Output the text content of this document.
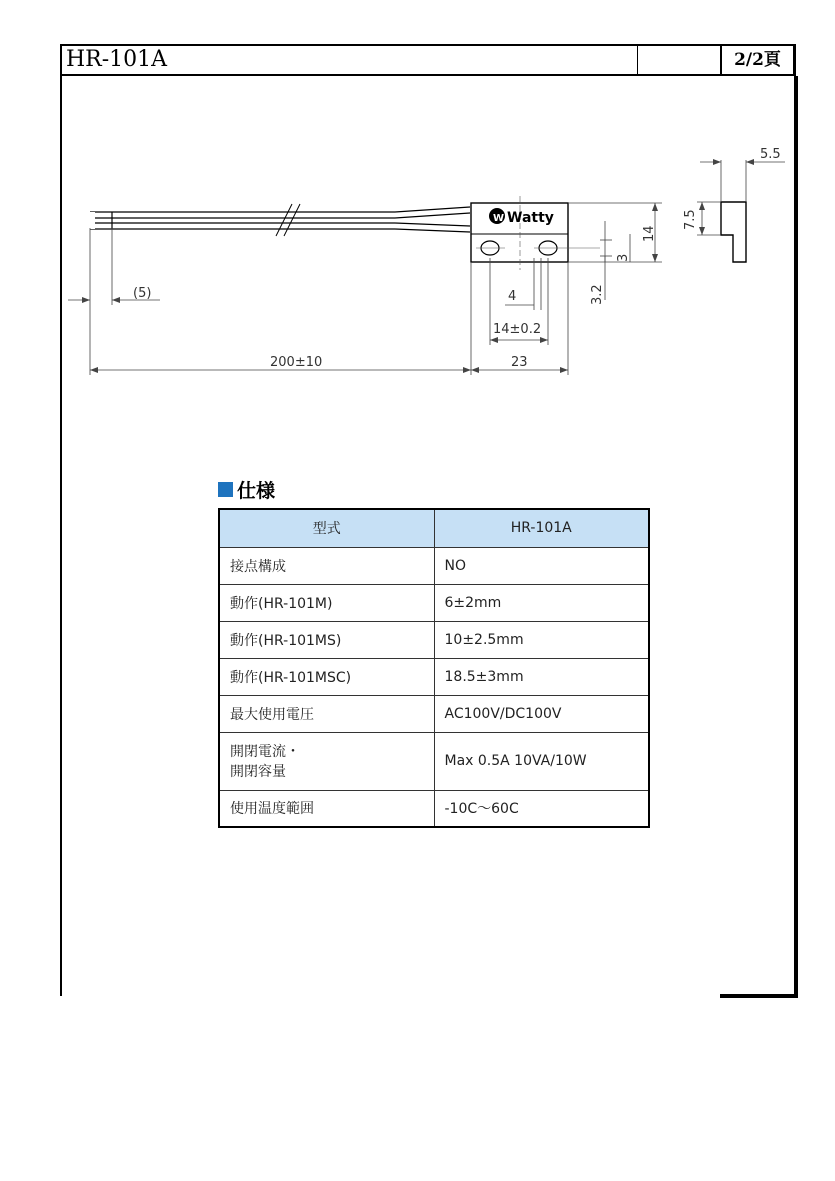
HR-101A	2/2頁
W Watty
200±10	23
(5)
14±0.2
4
5.5
14
3
3.2
7.5
仕様
型式	HR-101A
接点構成	NO
動作(HR-101M)	6±2mm
動作(HR-101MS)	10±2.5mm
動作(HR-101MSC)	18.5±3mm
最大使用電圧	AC100V/DC100V
開閉電流・
開閉容量	Max 0.5A 10VA/10W
使用温度範囲	-10C～60C
